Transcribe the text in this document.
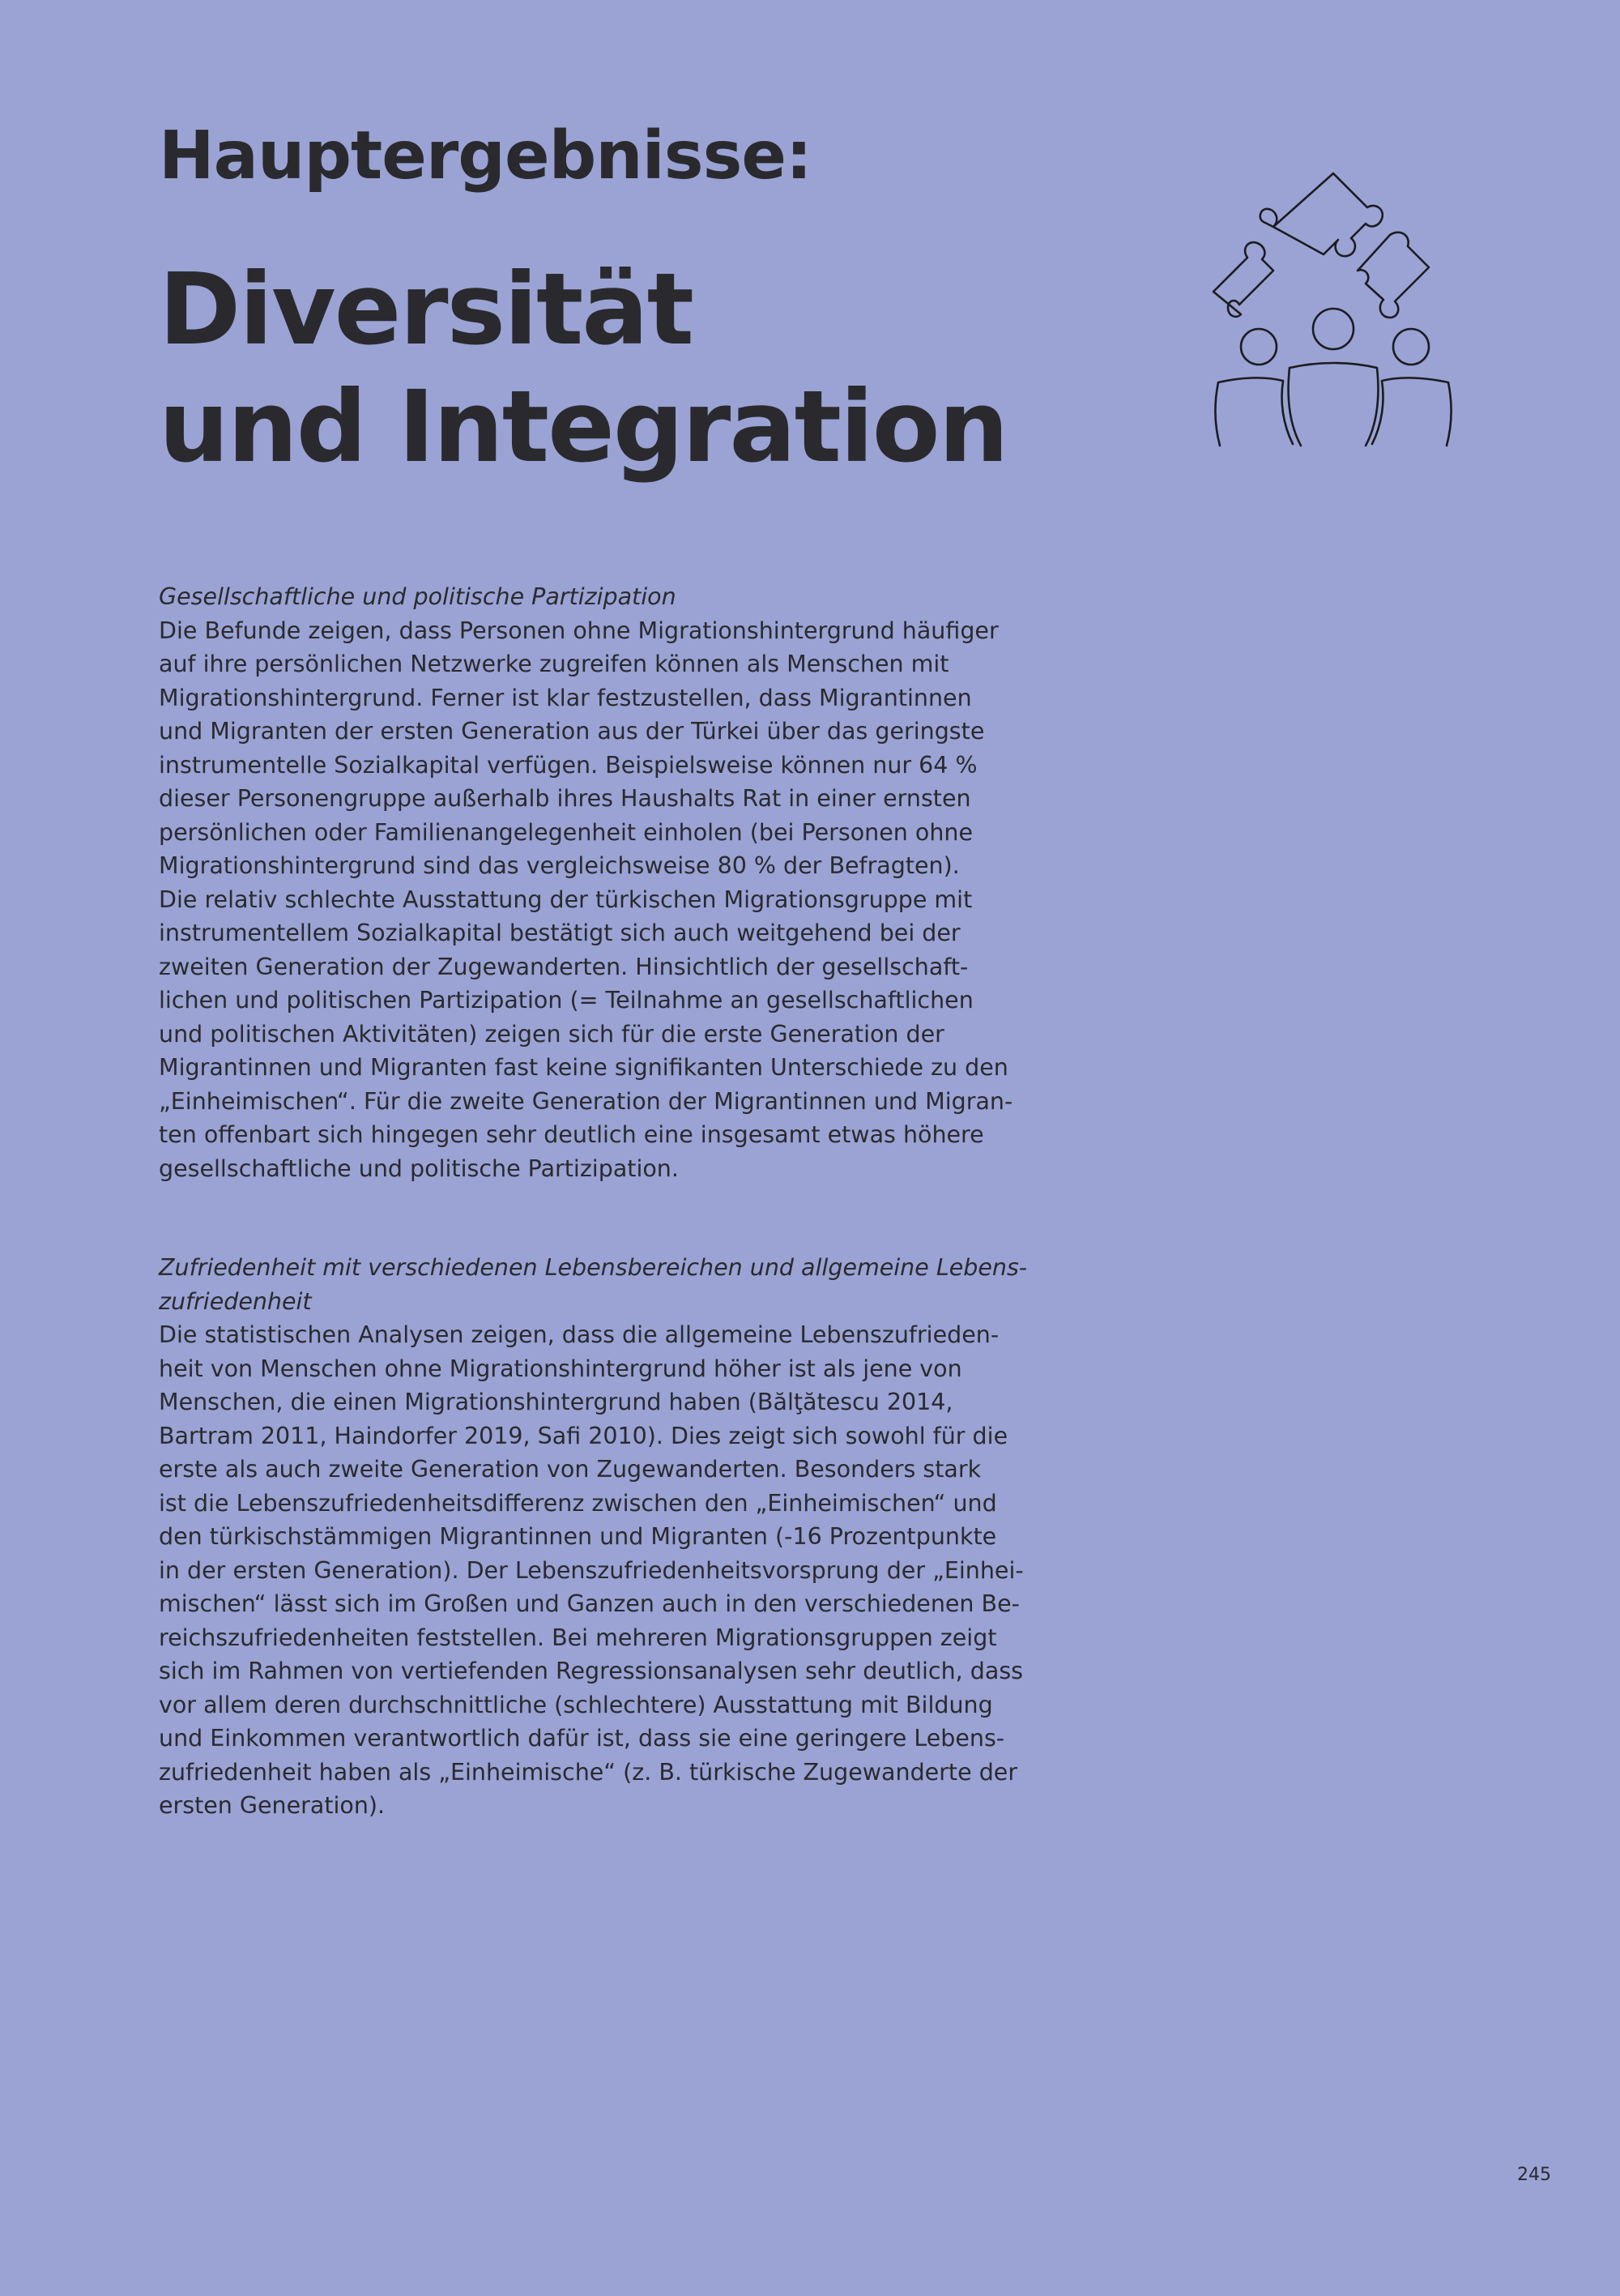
Hauptergebnisse:
Diversität
und Integration
Gesellschaftliche und politische Partizipation

Die Befunde zeigen, dass Personen ohne Migrationshintergrund häufiger
auf ihre persönlichen Netzwerke zugreifen können als Menschen mit
Migrationshintergrund. Ferner ist klar festzustellen, dass Migrantinnen
und Migranten der ersten Generation aus der Türkei über das geringste
instrumentelle Sozialkapital verfügen. Beispielsweise können nur 64 %
dieser Personengruppe außerhalb ihres Haushalts Rat in einer ernsten
persönlichen oder Familienangelegenheit einholen (bei Personen ohne
Migrationshintergrund sind das vergleichsweise 80 % der Befragten).
Die relativ schlechte Ausstattung der türkischen Migrationsgruppe mit
instrumentellem Sozialkapital bestätigt sich auch weitgehend bei der
zweiten Generation der Zugewanderten. Hinsichtlich der gesellschaft-
lichen und politischen Partizipation (= Teilnahme an gesellschaftlichen
und politischen Aktivitäten) zeigen sich für die erste Generation der
Migrantinnen und Migranten fast keine signifikanten Unterschiede zu den
„Einheimischen“. Für die zweite Generation der Migrantinnen und Migran-
ten offenbart sich hingegen sehr deutlich eine insgesamt etwas höhere
gesellschaftliche und politische Partizipation.

Zufriedenheit mit verschiedenen Lebensbereichen und allgemeine Lebens-
zufriedenheit

Die statistischen Analysen zeigen, dass die allgemeine Lebenszufrieden-
heit von Menschen ohne Migrationshintergrund höher ist als jene von
Menschen, die einen Migrationshintergrund haben (Bălţătescu 2014,
Bartram 2011, Haindorfer 2019, Safi 2010). Dies zeigt sich sowohl für die
erste als auch zweite Generation von Zugewanderten. Besonders stark
ist die Lebenszufriedenheitsdifferenz zwischen den „Einheimischen“ und
den türkischstämmigen Migrantinnen und Migranten (-16 Prozentpunkte
in der ersten Generation). Der Lebenszufriedenheitsvorsprung der „Einhei-
mischen“ lässt sich im Großen und Ganzen auch in den verschiedenen Be-
reichszufriedenheiten feststellen. Bei mehreren Migrationsgruppen zeigt
sich im Rahmen von vertiefenden Regressionsanalysen sehr deutlich, dass
vor allem deren durchschnittliche (schlechtere) Ausstattung mit Bildung
und Einkommen verantwortlich dafür ist, dass sie eine geringere Lebens-
zufriedenheit haben als „Einheimische“ (z. B. türkische Zugewanderte der
ersten Generation).

245
